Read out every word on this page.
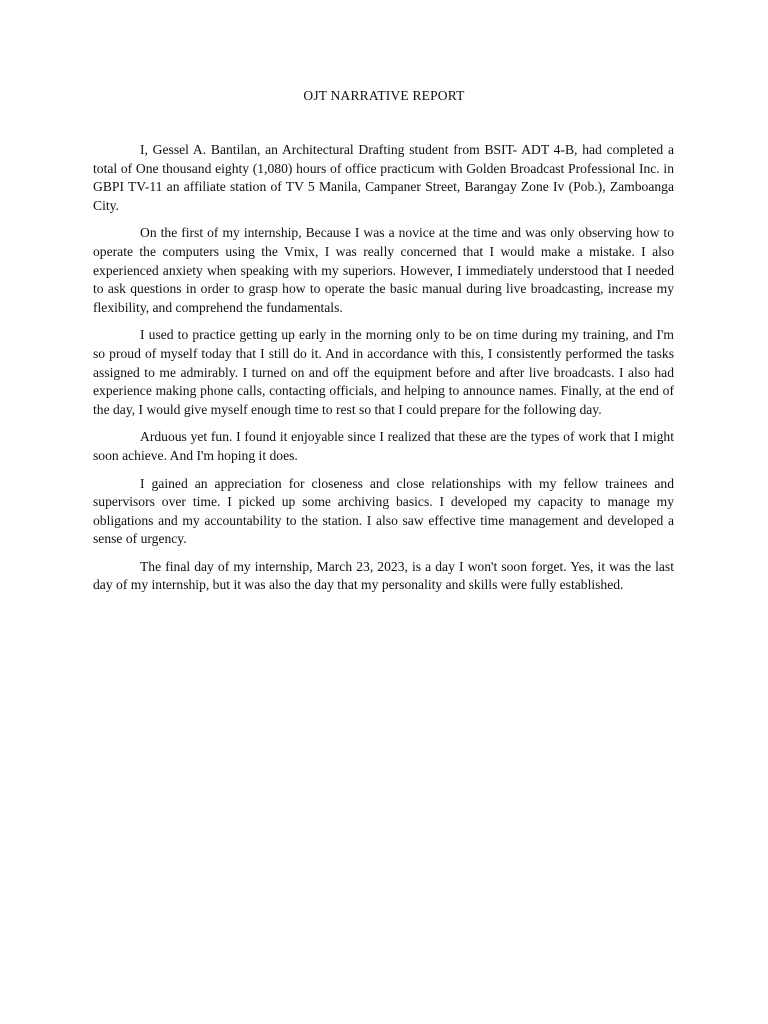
OJT NARRATIVE REPORT

I, Gessel A. Bantilan, an Architectural Drafting student from BSIT- ADT 4-B, had completed a total of One thousand eighty (1,080) hours of office practicum with Golden Broadcast Professional Inc. in GBPI TV-11 an affiliate station of TV 5 Manila, Campaner Street, Barangay Zone Iv (Pob.), Zamboanga City.

On the first of my internship, Because I was a novice at the time and was only observing how to operate the computers using the Vmix, I was really concerned that I would make a mistake. I also experienced anxiety when speaking with my superiors. However, I immediately understood that I needed to ask questions in order to grasp how to operate the basic manual during live broadcasting, increase my flexibility, and comprehend the fundamentals.

I used to practice getting up early in the morning only to be on time during my training, and I'm so proud of myself today that I still do it. And in accordance with this, I consistently performed the tasks assigned to me admirably. I turned on and off the equipment before and after live broadcasts. I also had experience making phone calls, contacting officials, and helping to announce names. Finally, at the end of the day, I would give myself enough time to rest so that I could prepare for the following day.

Arduous yet fun. I found it enjoyable since I realized that these are the types of work that I might soon achieve. And I'm hoping it does.

I gained an appreciation for closeness and close relationships with my fellow trainees and supervisors over time. I picked up some archiving basics. I developed my capacity to manage my obligations and my accountability to the station. I also saw effective time management and developed a sense of urgency.

The final day of my internship, March 23, 2023, is a day I won't soon forget. Yes, it was the last day of my internship, but it was also the day that my personality and skills were fully established.
